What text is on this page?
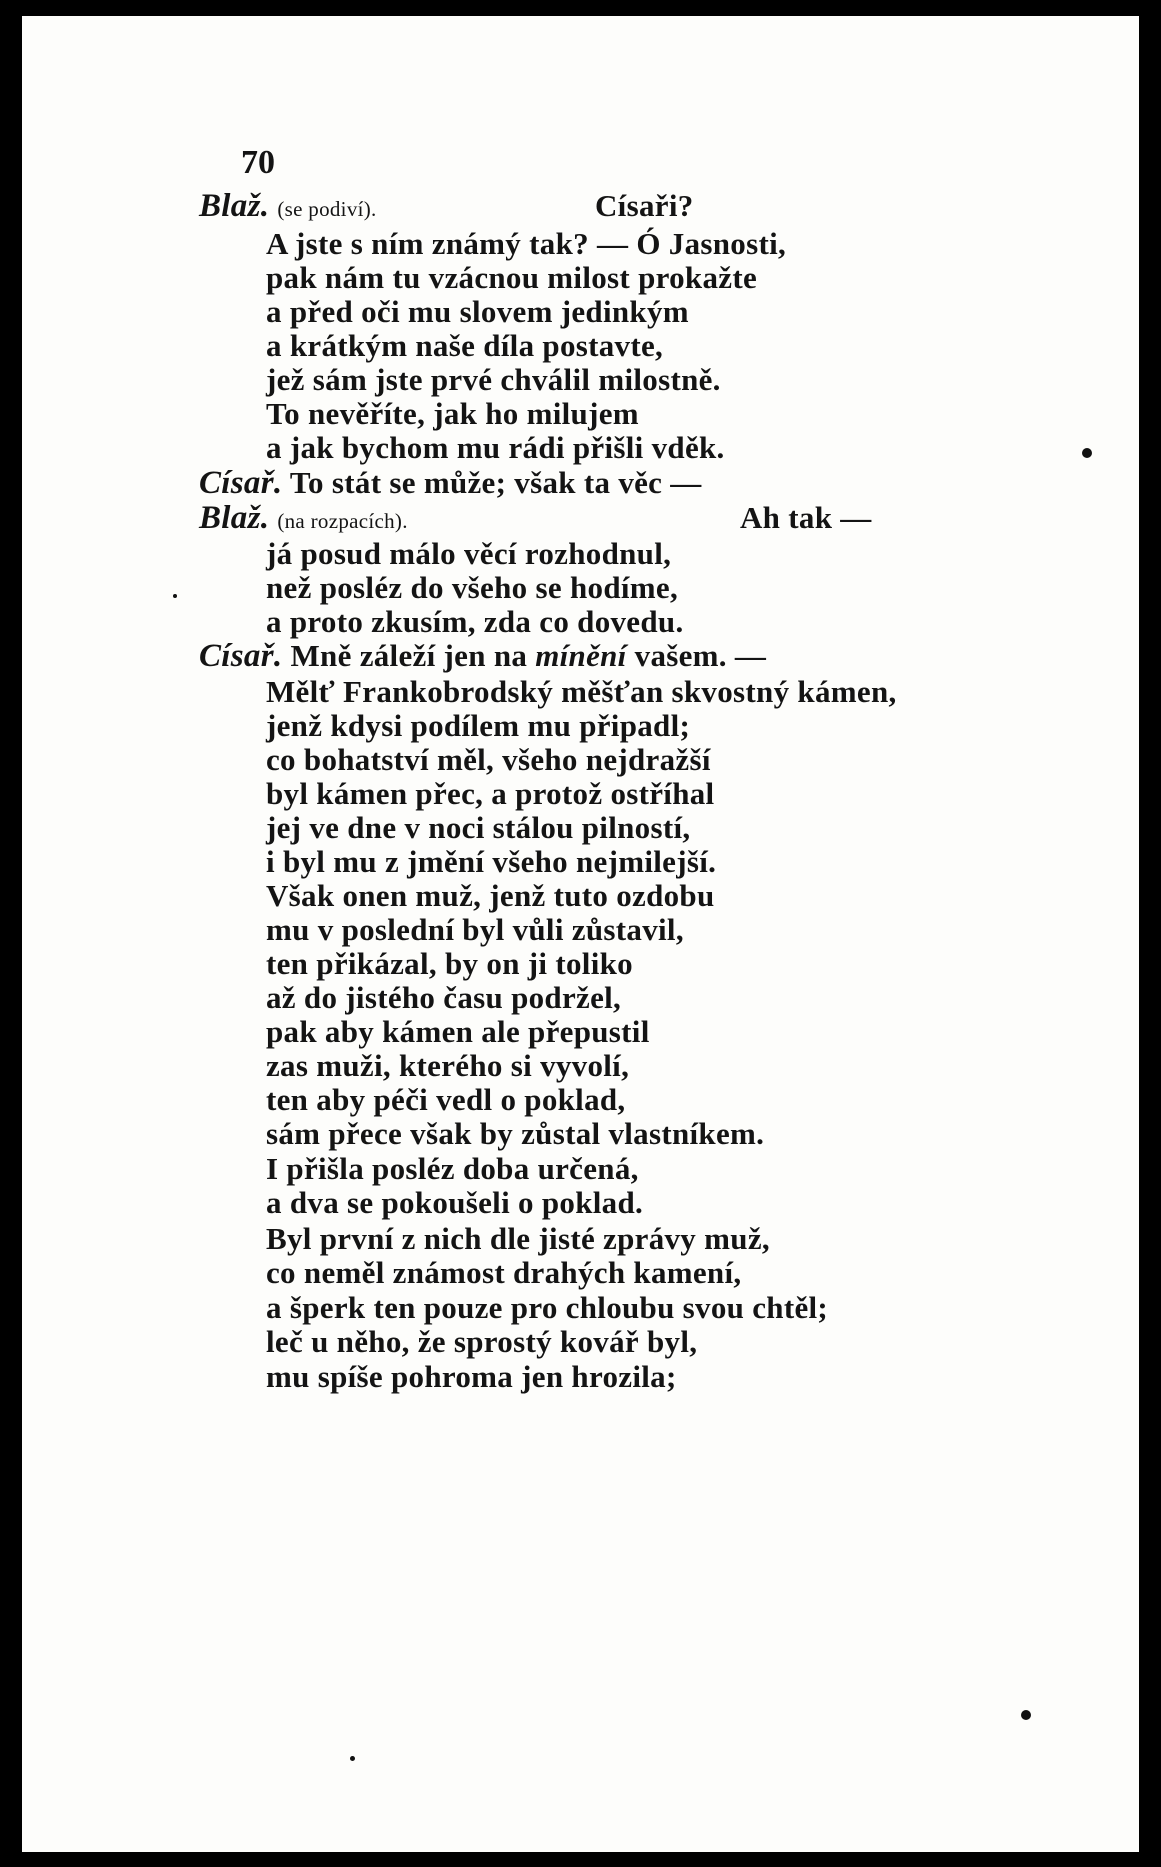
70
Blaž. (se podiví).	Císaři?
A jste s ním známý tak? — Ó Jasnosti,
pak nám tu vzácnou milost prokažte
a před oči mu slovem jedinkým
a krátkým naše díla postavte,
jež sám jste prvé chválil milostně.
To nevěříte, jak ho milujem
a jak bychom mu rádi přišli vděk.
Císař. To stát se může; však ta věc —
Blaž. (na rozpacích).	Ah tak —
já posud málo věcí rozhodnul,
než posléz do všeho se hodíme,
a proto zkusím, zda co dovedu.
Císař. Mně záleží jen na mínění vašem. —
Mělť Frankobrodský měšťan skvostný kámen,
jenž kdysi podílem mu připadl;
co bohatství měl, všeho nejdražší
byl kámen přec, a protož ostříhal
jej ve dne v noci stálou pilností,
i byl mu z jmění všeho nejmilejší.
Však onen muž, jenž tuto ozdobu
mu v poslední byl vůli zůstavil,
ten přikázal, by on ji toliko
až do jistého času podržel,
pak aby kámen ale přepustil
zas muži, kterého si vyvolí,
ten aby péči vedl o poklad,
sám přece však by zůstal vlastníkem.
I přišla posléz doba určená,
a dva se pokoušeli o poklad.
Byl první z nich dle jisté zprávy muž,
co neměl známost drahých kamení,
a šperk ten pouze pro chloubu svou chtěl;
leč u něho, že sprostý kovář byl,
mu spíše pohroma jen hrozila;
